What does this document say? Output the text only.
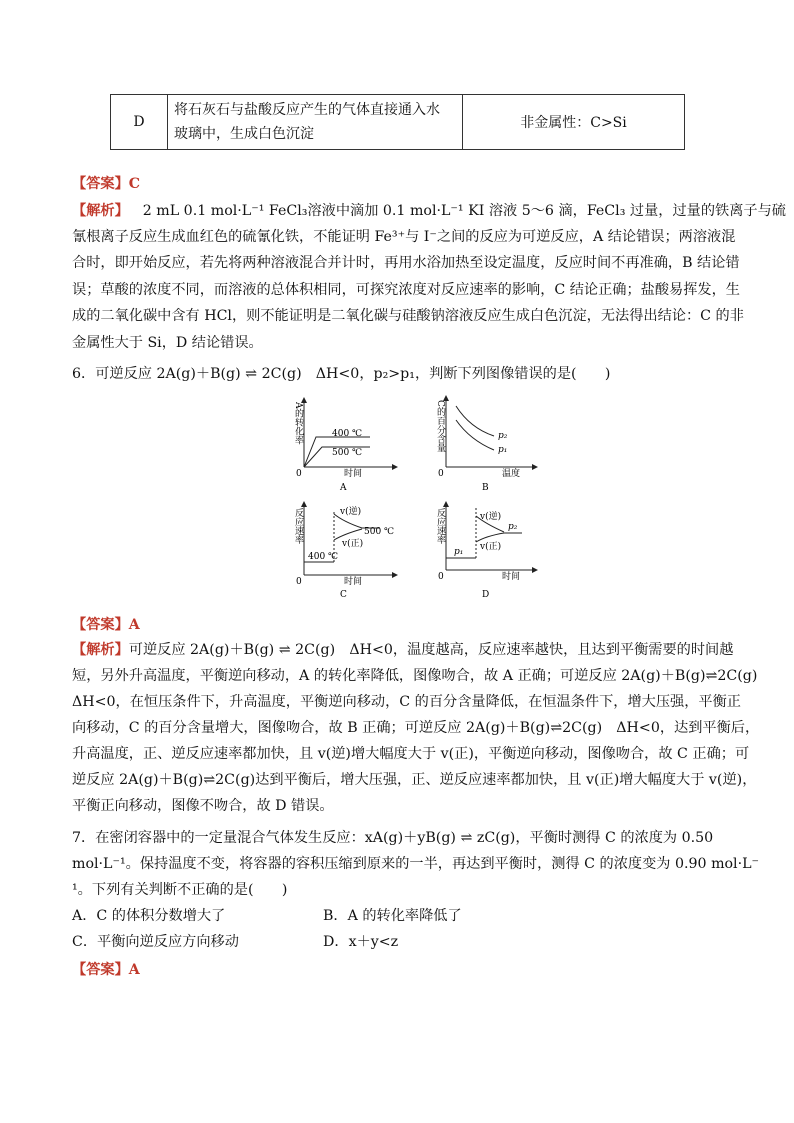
D	
将石灰石与盐酸反应产生的气体直接通入水
玻璃中，生成白色沉淀
	非金属性：C>Si
【答案】C
【解析】 2 mL 0.1 mol·L⁻¹ FeCl₃溶液中滴加 0.1 mol·L⁻¹ KI 溶液 5～6 滴，FeCl₃ 过量，过量的铁离子与硫
氰根离子反应生成血红色的硫氰化铁，不能证明 Fe³⁺与 I⁻之间的反应为可逆反应，A 结论错误；两溶液混
合时，即开始反应，若先将两种溶液混合并计时，再用水浴加热至设定温度，反应时间不再准确，B 结论错
误；草酸的浓度不同，而溶液的总体积相同，可探究浓度对反应速率的影响，C 结论正确；盐酸易挥发，生
成的二氧化碳中含有 HCl，则不能证明是二氧化碳与硅酸钠溶液反应生成白色沉淀，无法得出结论：C 的非
金属性大于 Si，D 结论错误。
6．可逆反应 2A(g)＋B(g) ⇌ 2C(g)　ΔH<0，p₂>p₁，判断下列图像错误的是(　　)
A的转化率
0	时间
400 ℃
500 ℃
A
C的百分含量
0	温度
p₂
p₁
B
反应速率
0	时间
v(逆)
v(正)
500 ℃
400 ℃
C
反应速率
0	时间
v(逆)
v(正)
p₁
p₂
D
【答案】A
【解析】可逆反应 2A(g)＋B(g) ⇌ 2C(g)　ΔH<0，温度越高，反应速率越快，且达到平衡需要的时间越
短，另外升高温度，平衡逆向移动，A 的转化率降低，图像吻合，故 A 正确；可逆反应 2A(g)＋B(g)⇌2C(g)
ΔH<0，在恒压条件下，升高温度，平衡逆向移动，C 的百分含量降低，在恒温条件下，增大压强，平衡正
向移动，C 的百分含量增大，图像吻合，故 B 正确；可逆反应 2A(g)＋B(g)⇌2C(g)　ΔH<0，达到平衡后，
升高温度，正、逆反应速率都加快，且 v(逆)增大幅度大于 v(正)，平衡逆向移动，图像吻合，故 C 正确；可
逆反应 2A(g)＋B(g)⇌2C(g)达到平衡后，增大压强，正、逆反应速率都加快，且 v(正)增大幅度大于 v(逆)，
平衡正向移动，图像不吻合，故 D 错误。
7．在密闭容器中的一定量混合气体发生反应：xA(g)＋yB(g) ⇌ zC(g)，平衡时测得 C 的浓度为 0.50
mol·L⁻¹。保持温度不变，将容器的容积压缩到原来的一半，再达到平衡时，测得 C 的浓度变为 0.90 mol·L⁻
¹。下列有关判断不正确的是(　　)
A．C 的体积分数增大了	B．A 的转化率降低了
C．平衡向逆反应方向移动	D．x＋y<z
【答案】A
